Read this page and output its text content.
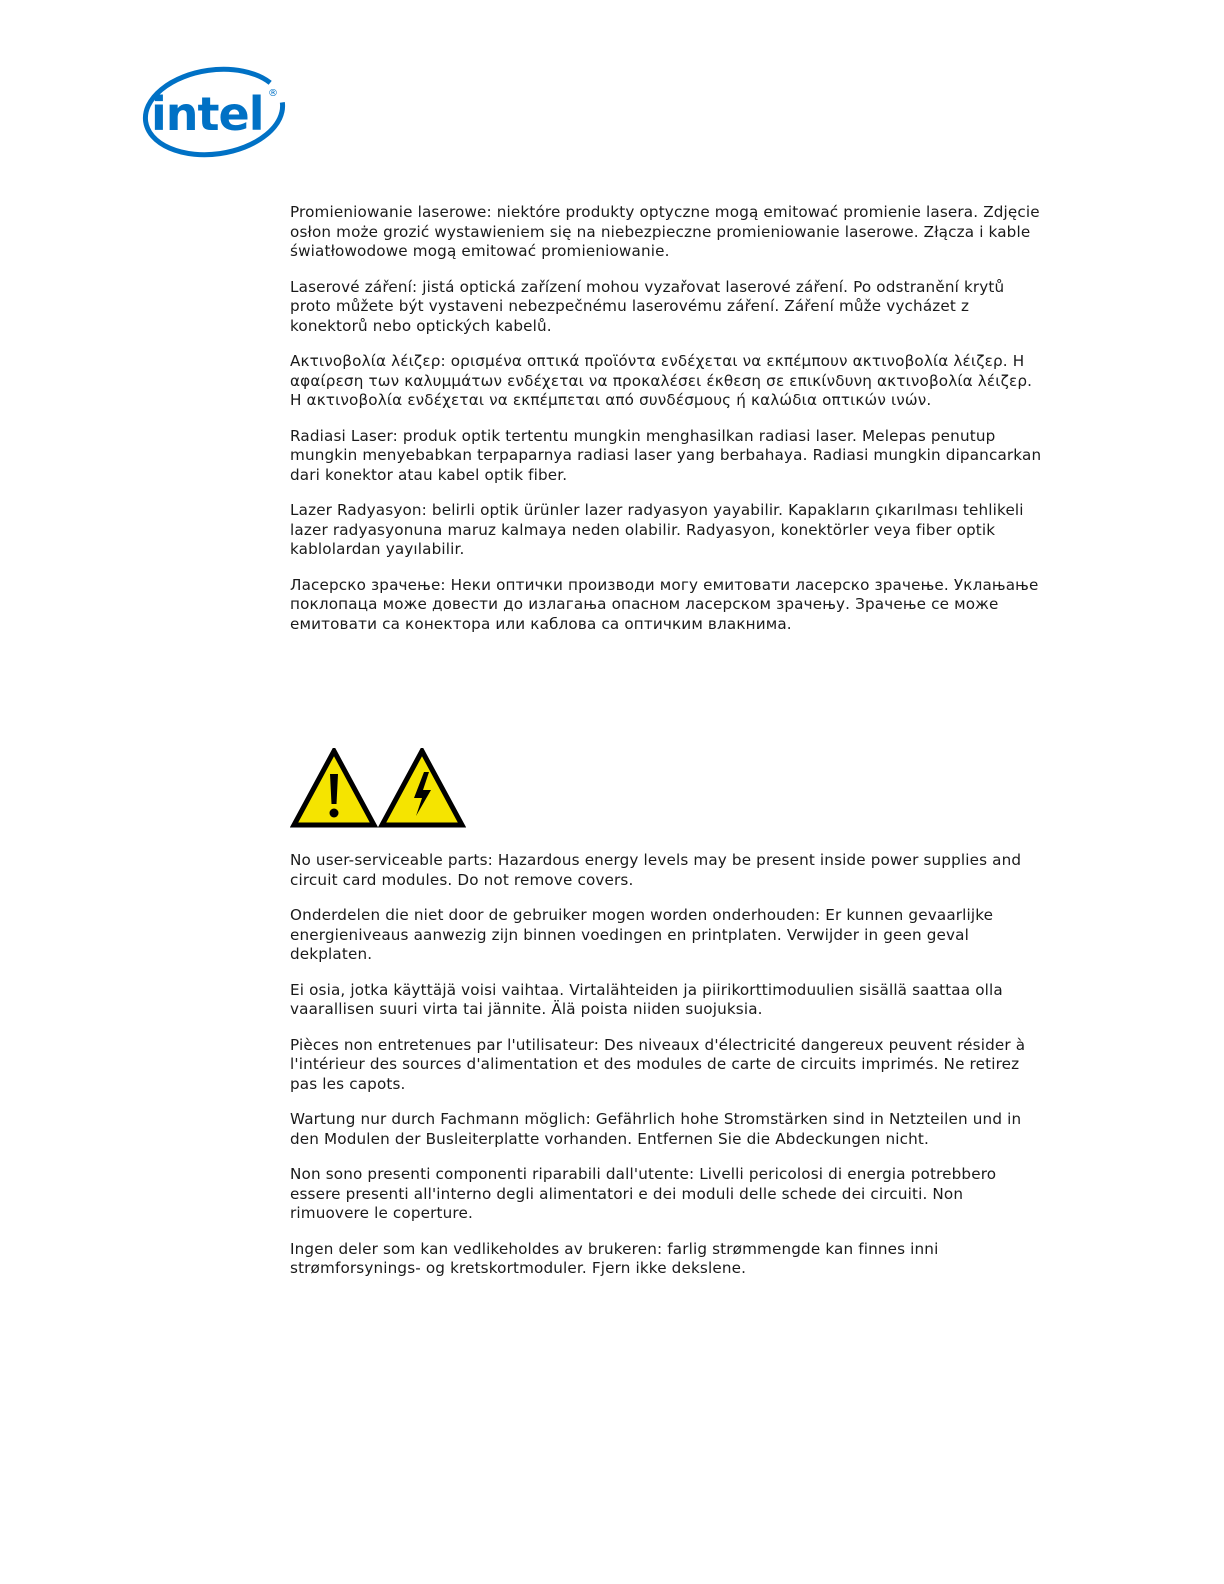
intel ®

Promieniowanie laserowe: niektóre produkty optyczne mogą emitować promienie lasera. Zdjęcie osłon może grozić wystawieniem się na niebezpieczne promieniowanie laserowe. Złącza i kable światłowodowe mogą emitować promieniowanie.

Laserové záření: jistá optická zařízení mohou vyzařovat laserové záření. Po odstranění krytů proto můžete být vystaveni nebezpečnému laserovému záření. Záření může vycházet z konektorů nebo optických kabelů.

Ακτινοβολία λέιζερ: ορισμένα οπτικά προϊόντα ενδέχεται να εκπέμπουν ακτινοβολία λέιζερ. Η αφαίρεση των καλυμμάτων ενδέχεται να προκαλέσει έκθεση σε επικίνδυνη ακτινοβολία λέιζερ. Η ακτινοβολία ενδέχεται να εκπέμπεται από συνδέσμους ή καλώδια οπτικών ινών.

Radiasi Laser: produk optik tertentu mungkin menghasilkan radiasi laser. Melepas penutup mungkin menyebabkan terpaparnya radiasi laser yang berbahaya. Radiasi mungkin dipancarkan dari konektor atau kabel optik fiber.

Lazer Radyasyon: belirli optik ürünler lazer radyasyon yayabilir. Kapakların çıkarılması tehlikeli lazer radyasyonuna maruz kalmaya neden olabilir. Radyasyon, konektörler veya fiber optik kablolardan yayılabilir.

Ласерско зрачење: Неки оптички производи могу емитовати ласерско зрачење. Уклањање поклопаца може довести до излагања опасном ласерском зрачењу. Зрачење се може емитовати са конектора или каблова са оптичким влакнима.

No user-serviceable parts: Hazardous energy levels may be present inside power supplies and circuit card modules. Do not remove covers.

Onderdelen die niet door de gebruiker mogen worden onderhouden: Er kunnen gevaarlijke energieniveaus aanwezig zijn binnen voedingen en printplaten. Verwijder in geen geval dekplaten.

Ei osia, jotka käyttäjä voisi vaihtaa. Virtalähteiden ja piirikorttimoduulien sisällä saattaa olla vaarallisen suuri virta tai jännite. Älä poista niiden suojuksia.

Pièces non entretenues par l'utilisateur: Des niveaux d'électricité dangereux peuvent résider à l'intérieur des sources d'alimentation et des modules de carte de circuits imprimés. Ne retirez pas les capots.

Wartung nur durch Fachmann möglich: Gefährlich hohe Stromstärken sind in Netzteilen und in den Modulen der Busleiterplatte vorhanden. Entfernen Sie die Abdeckungen nicht.

Non sono presenti componenti riparabili dall'utente: Livelli pericolosi di energia potrebbero essere presenti all'interno degli alimentatori e dei moduli delle schede dei circuiti. Non rimuovere le coperture.

Ingen deler som kan vedlikeholdes av brukeren: farlig strømmengde kan finnes inni strømforsynings- og kretskortmoduler. Fjern ikke dekslene.
